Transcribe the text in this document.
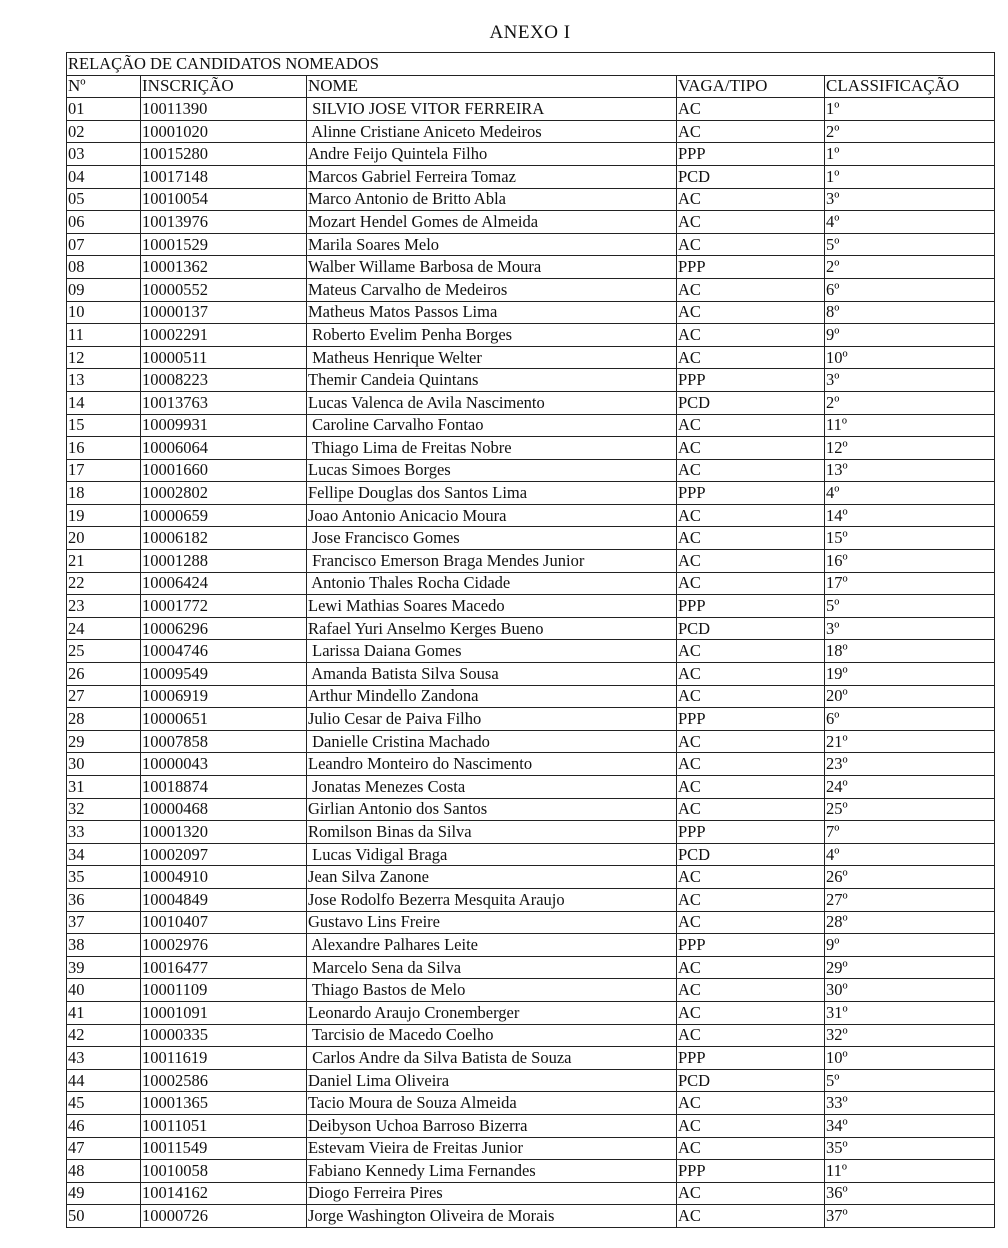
ANEXO I
RELAÇÃO DE CANDIDATOS NOMEADOS				
Nº	INSCRIÇÃO	NOME	VAGA/TIPO	CLASSIFICAÇÃO
01	10011390	SILVIO JOSE VITOR FERREIRA	AC	1º
02	10001020	Alinne Cristiane Aniceto Medeiros	AC	2º
03	10015280	Andre Feijo Quintela Filho	PPP	1º
04	10017148	Marcos Gabriel Ferreira Tomaz	PCD	1º
05	10010054	Marco Antonio de Britto Abla	AC	3º
06	10013976	Mozart Hendel Gomes de Almeida	AC	4º
07	10001529	Marila Soares Melo	AC	5º
08	10001362	Walber Willame Barbosa de Moura	PPP	2º
09	10000552	Mateus Carvalho de Medeiros	AC	6º
10	10000137	Matheus Matos Passos Lima	AC	8º
11	10002291	Roberto Evelim Penha Borges	AC	9º
12	10000511	Matheus Henrique Welter	AC	10º
13	10008223	Themir Candeia Quintans	PPP	3º
14	10013763	Lucas Valenca de Avila Nascimento	PCD	2º
15	10009931	Caroline Carvalho Fontao	AC	11º
16	10006064	Thiago Lima de Freitas Nobre	AC	12º
17	10001660	Lucas Simoes Borges	AC	13º
18	10002802	Fellipe Douglas dos Santos Lima	PPP	4º
19	10000659	Joao Antonio Anicacio Moura	AC	14º
20	10006182	Jose Francisco Gomes	AC	15º
21	10001288	Francisco Emerson Braga Mendes Junior	AC	16º
22	10006424	Antonio Thales Rocha Cidade	AC	17º
23	10001772	Lewi Mathias Soares Macedo	PPP	5º
24	10006296	Rafael Yuri Anselmo Kerges Bueno	PCD	3º
25	10004746	Larissa Daiana Gomes	AC	18º
26	10009549	Amanda Batista Silva Sousa	AC	19º
27	10006919	Arthur Mindello Zandona	AC	20º
28	10000651	Julio Cesar de Paiva Filho	PPP	6º
29	10007858	Danielle Cristina Machado	AC	21º
30	10000043	Leandro Monteiro do Nascimento	AC	23º
31	10018874	Jonatas Menezes Costa	AC	24º
32	10000468	Girlian Antonio dos Santos	AC	25º
33	10001320	Romilson Binas da Silva	PPP	7º
34	10002097	Lucas Vidigal Braga	PCD	4º
35	10004910	Jean Silva Zanone	AC	26º
36	10004849	Jose Rodolfo Bezerra Mesquita Araujo	AC	27º
37	10010407	Gustavo Lins Freire	AC	28º
38	10002976	Alexandre Palhares Leite	PPP	9º
39	10016477	Marcelo Sena da Silva	AC	29º
40	10001109	Thiago Bastos de Melo	AC	30º
41	10001091	Leonardo Araujo Cronemberger	AC	31º
42	10000335	Tarcisio de Macedo Coelho	AC	32º
43	10011619	Carlos Andre da Silva Batista de Souza	PPP	10º
44	10002586	Daniel Lima Oliveira	PCD	5º
45	10001365	Tacio Moura de Souza Almeida	AC	33º
46	10011051	Deibyson Uchoa Barroso Bizerra	AC	34º
47	10011549	Estevam Vieira de Freitas Junior	AC	35º
48	10010058	Fabiano Kennedy Lima Fernandes	PPP	11º
49	10014162	Diogo Ferreira Pires	AC	36º
50	10000726	Jorge Washington Oliveira de Morais	AC	37º
